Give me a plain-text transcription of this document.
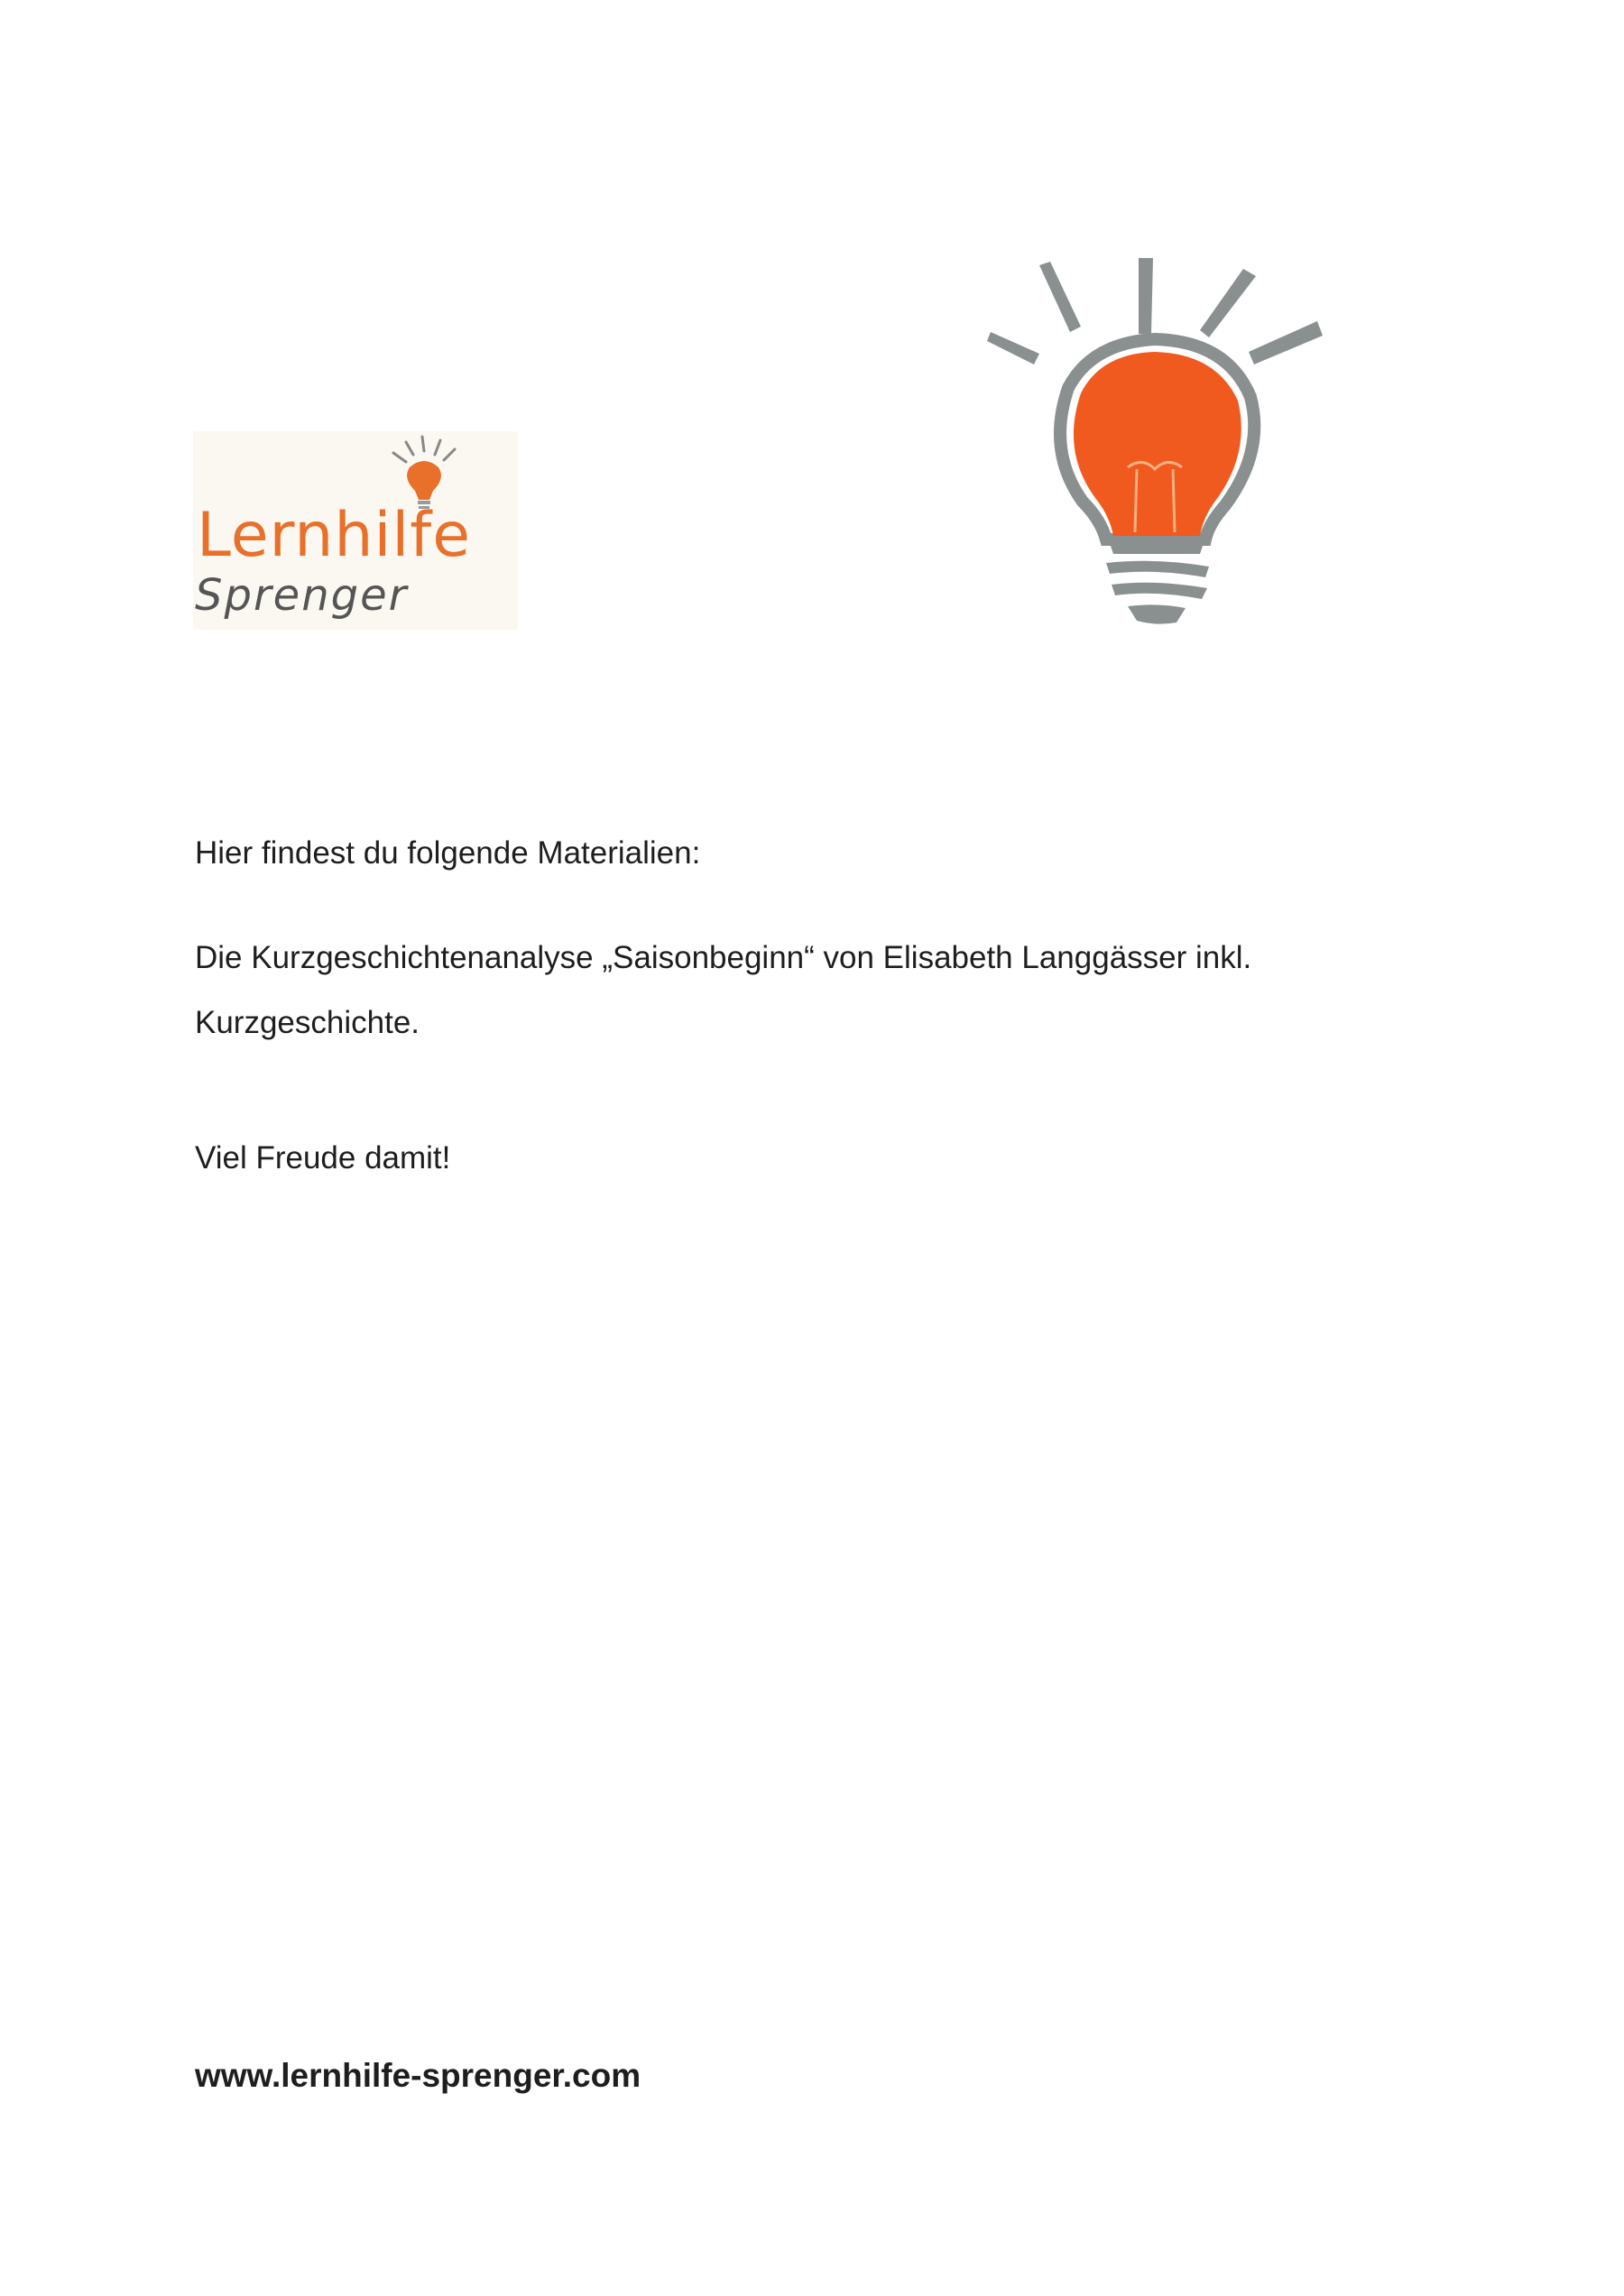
Lernhilfe
Sprenger

Hier findest du folgende Materialien:

Die Kurzgeschichtenanalyse „Saisonbeginn“ von Elisabeth Langgässer inkl.

Kurzgeschichte.

Viel Freude damit!

www.lernhilfe-sprenger.com
